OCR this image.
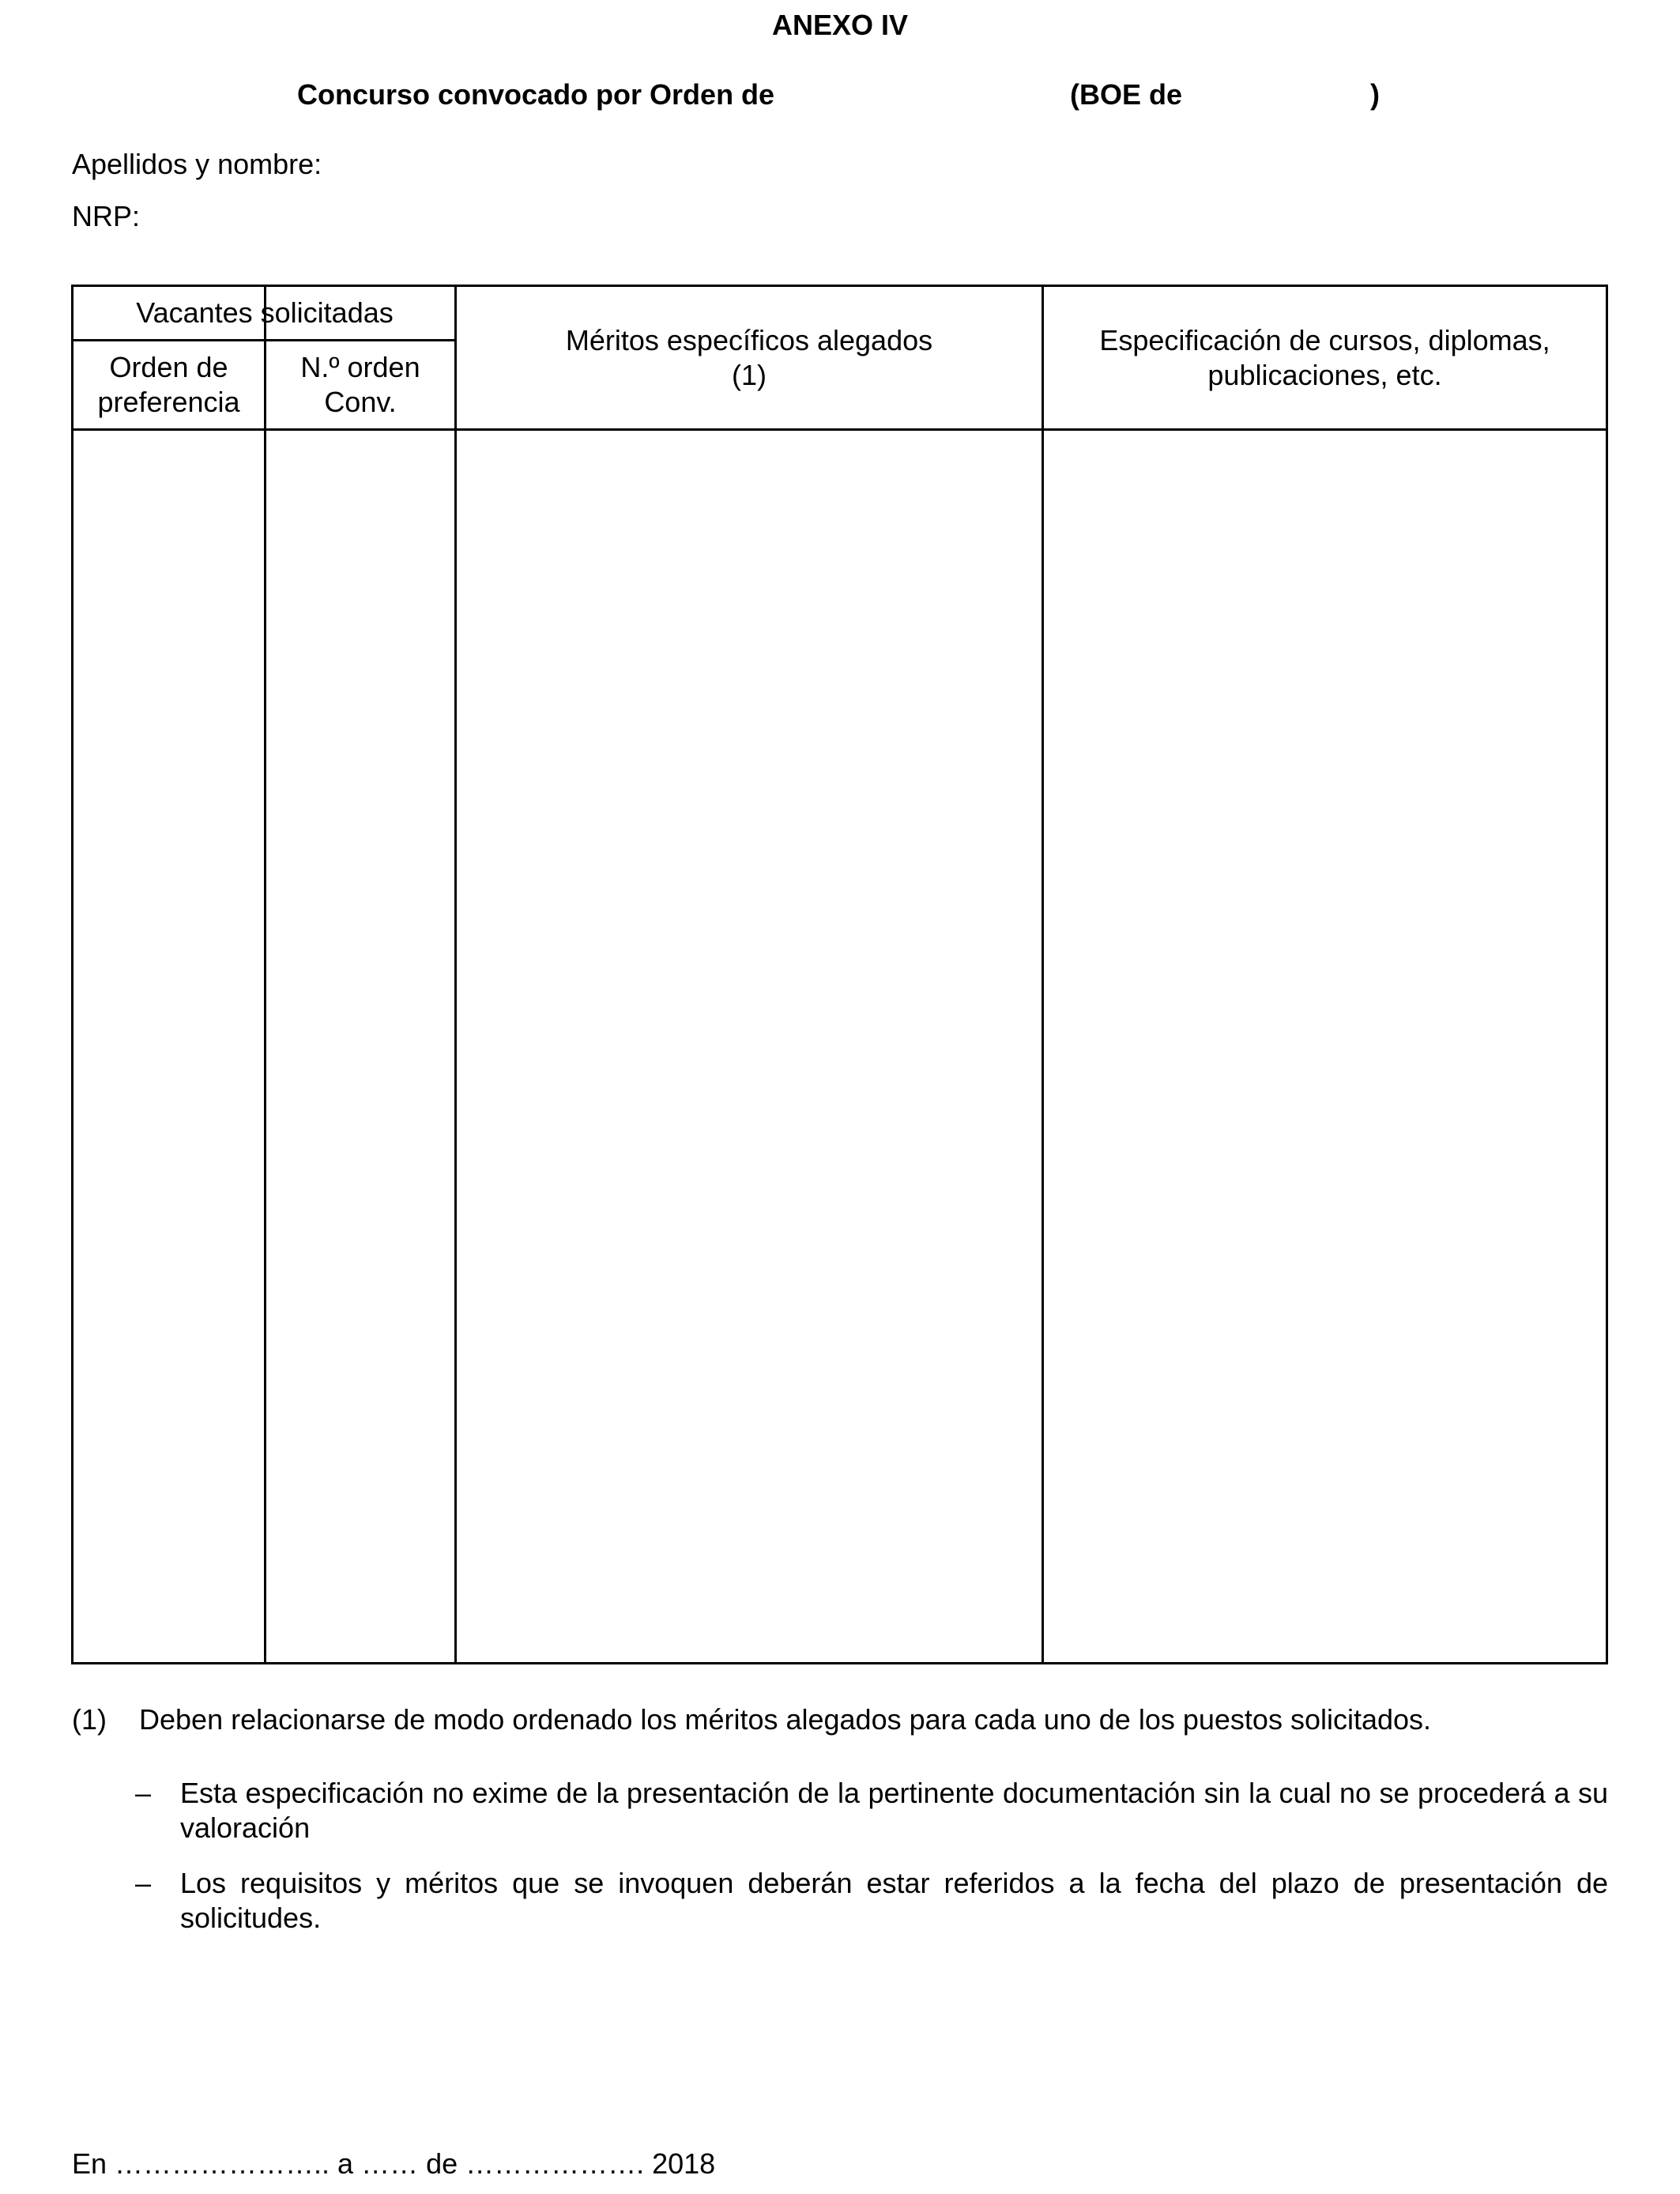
ANEXO IV
Concurso convocado por Orden de	(BOE de	)
Apellidos y nombre:
NRP:
Vacantes solicitadas
Orden de
preferencia
N.º orden
Conv.
Méritos específicos alegados
(1)
Especificación de cursos, diplomas,
publicaciones, etc.
(1) Deben relacionarse de modo ordenado los méritos alegados para cada uno de los puestos solicitados.
– Esta especificación no exime de la presentación de la pertinente documentación sin la cual no se procederá a su valoración
– Los requisitos y méritos que se invoquen deberán estar referidos a la fecha del plazo de presentación de solicitudes.
En ………………….. a …… de ………………. 2018
